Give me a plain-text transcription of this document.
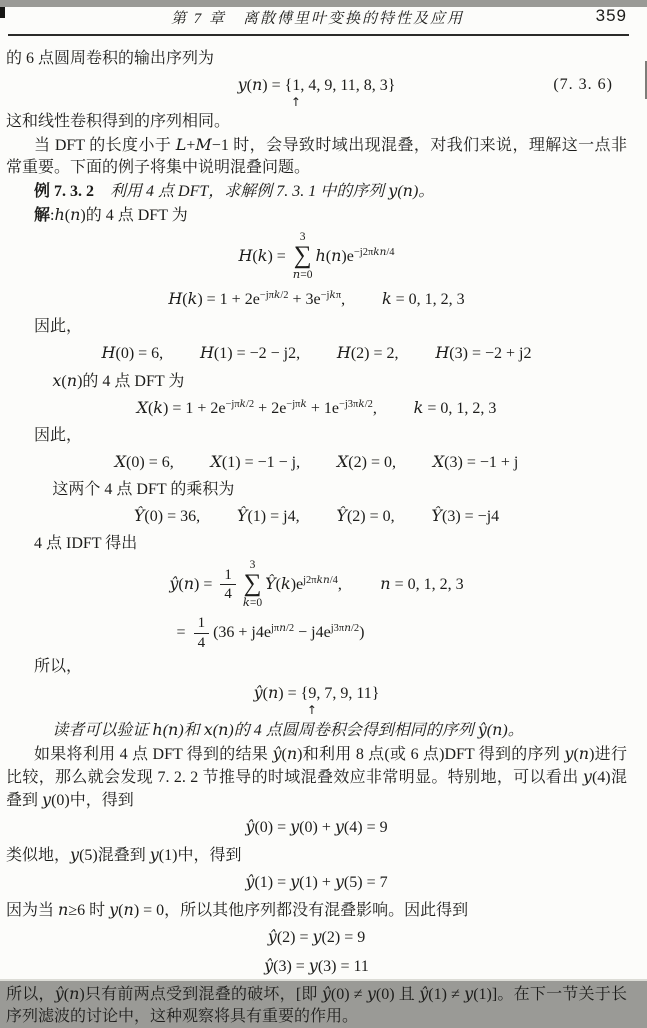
第 7 章　离散傅里叶变换的特性及应用	359

的 6 点圆周卷积的输出序列为

y(n) = {1
↑
, 4, 9, 11, 8, 3}	(7. 3. 6)

这和线性卷积得到的序列相同。

当 DFT 的长度小于 L+M−1 时，会导致时域出现混叠，对我们来说，理解这一点非常重要。下面的例子将集中说明混叠问题。

例 7. 3. 2　 利用 4 点 DFT，求解例 7. 3. 1 中的序列 y(n)。

解:h(n)的 4 点 DFT 为

H(k) =
3
∑
n=0
$h(n)e^{-j2\pi kn/4}$
$H(k) = 1 + 2e^{-j\pi k/2} + 3e^{-jk\pi}$, k = 0, 1, 2, 3

因此，

H(0) = 6, H(1) = −2 − j2, H(2) = 2, H(3) = −2 + j2

x(n)的 4 点 DFT 为

$X(k) = 1 + 2e^{-j\pi k/2} + 2e^{-j\pi k} + 1e^{-j3\pi k/2}$, k = 0, 1, 2, 3

因此，

X(0) = 6, X(1) = −1 − j, X(2) = 0, X(3) = −1 + j

这两个 4 点 DFT 的乘积为

Ŷ(0) = 36, Ŷ(1) = j4, Ŷ(2) = 0, Ŷ(3) = −j4

4 点 IDFT 得出

ŷ(n) = $\frac{1}{4}$
3
∑
k=0
$Ŷ(k)e^{j2\pi kn/4}$, n = 0, 1, 2, 3
= $\frac{1}{4} (36 + j4e^{j\pi n/2} - j4e^{j3\pi n/2})$

所以，

ŷ(n) = {9
↑
, 7, 9, 11}

读者可以验证 h(n)和 x(n)的 4 点圆周卷积会得到相同的序列 ŷ(n)。

如果将利用 4 点 DFT 得到的结果 ŷ(n)和利用 8 点(或 6 点)DFT 得到的序列 y(n)进行比较，那么就会发现 7. 2. 2 节推导的时域混叠效应非常明显。特别地，可以看出 y(4)混叠到 y(0)中，得到

ŷ(0) = y(0) + y(4) = 9

类似地，y(5)混叠到 y(1)中，得到

ŷ(1) = y(1) + y(5) = 7

因为当 n≥6 时 y(n) = 0，所以其他序列都没有混叠影响。因此得到

ŷ(2) = y(2) = 9
ŷ(3) = y(3) = 11

所以，ŷ(n)只有前两点受到混叠的破坏，[即 ŷ(0) ≠ y(0) 且 ŷ(1) ≠ y(1)]。在下一节关于长序列滤波的讨论中，这种观察将具有重要的作用。
